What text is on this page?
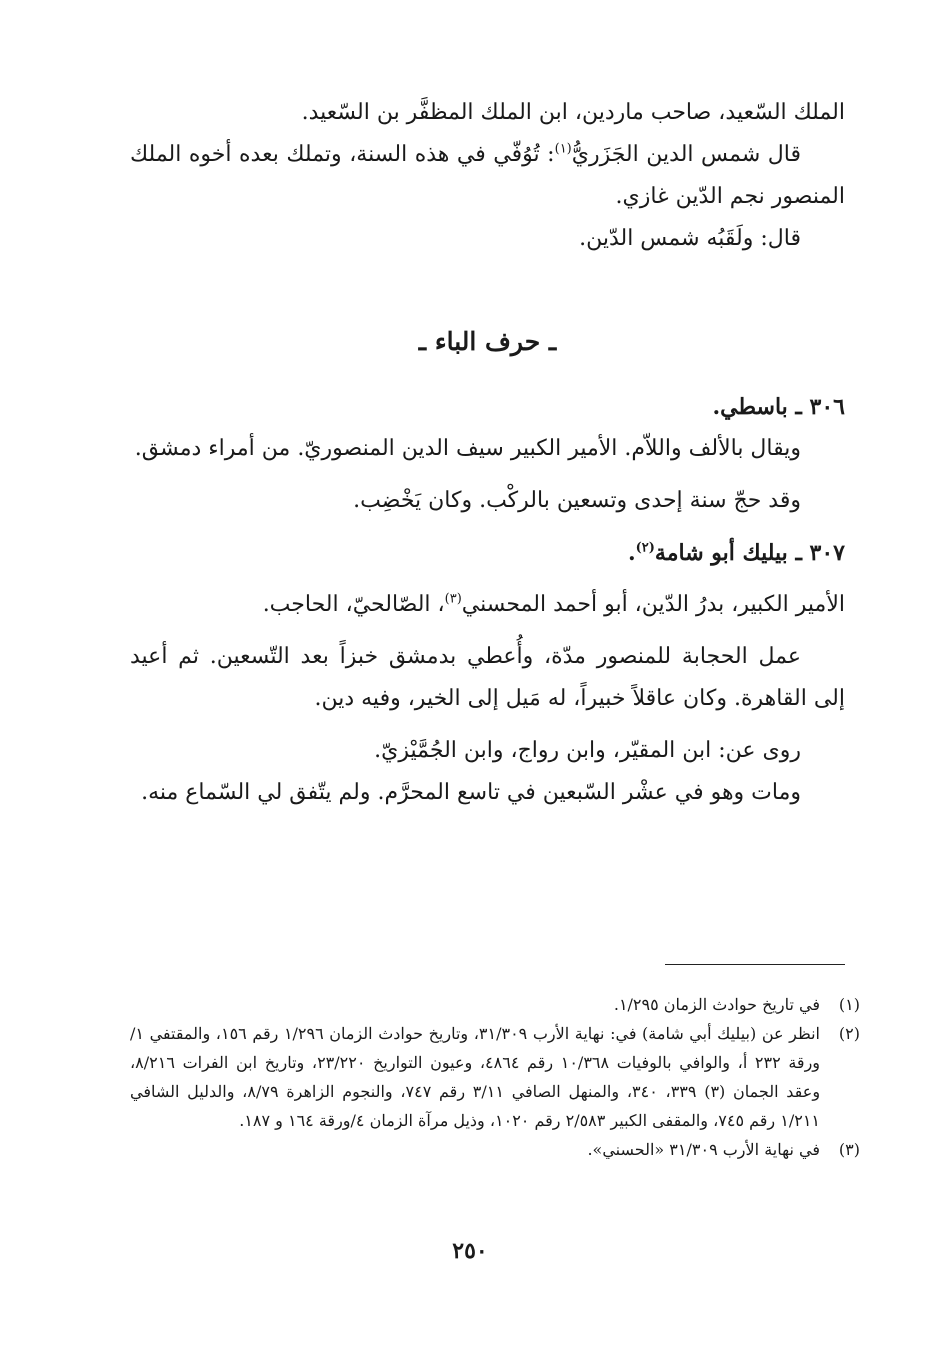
الملك السّعيد، صاحب ماردين، ابن الملك المظفَّر بن السّعيد.

قال شمس الدين الجَزَريُّ$^{(١)}$: تُوُفّي في هذه السنة، وتملك بعده أخوه الملك المنصور نجم الدّين غازي.

قال: ولَقَبُه شمس الدّين.

ـ حرف الباء ـ
٣٠٦ ـ باسطي.

ويقال بالألف واللاّم. الأمير الكبير سيف الدين المنصوريّ. من أمراء دمشق.

وقد حجّ سنة إحدى وتسعين بالركْب. وكان يَخْضِب.

٣٠٧ ـ بيليك أبو شامة$^{(٢)}$.

الأمير الكبير، بدرُ الدّين، أبو أحمد المحسني$^{(٣)}$، الصّالحيّ، الحاجب.

عمل الحجابة للمنصور مدّة، وأُعطي بدمشق خبزاً بعد التّسعين. ثم أعيد إلى القاهرة. وكان عاقلاً خبيراً، له مَيل إلى الخير، وفيه دين.

روى عن: ابن المقيّر، وابن رواج، وابن الجُمَّيْزيّ.

ومات وهو في عشْر السّبعين في تاسع المحرَّم. ولم يتّفق لي السّماع منه.

(١)
في تاريخ حوادث الزمان ١/٢٩٥.
(٢)
انظر عن (بيليك أبي شامة) في: نهاية الأرب ٣١/٣٠٩، وتاريخ حوادث الزمان ١/٢٩٦ رقم ١٥٦، والمقتفي ١/ورقة ٢٣٢ أ، والوافي بالوفيات ١٠/٣٦٨ رقم ٤٨٦٤، وعيون التواريخ ٢٣/٢٢٠، وتاريخ ابن الفرات ٨/٢١٦، وعقد الجمان (٣) ٣٣٩، ٣٤٠، والمنهل الصافي ٣/١١ رقم ٧٤٧، والنجوم الزاهرة ٨/٧٩، والدليل الشافي ١/٢١١ رقم ٧٤٥، والمقفى الكبير ٢/٥٨٣ رقم ١٠٢٠، وذيل مرآة الزمان ٤/ورقة ١٦٤ و ١٨٧.
(٣)
في نهاية الأرب ٣١/٣٠٩ «الحسني».
٢٥٠
